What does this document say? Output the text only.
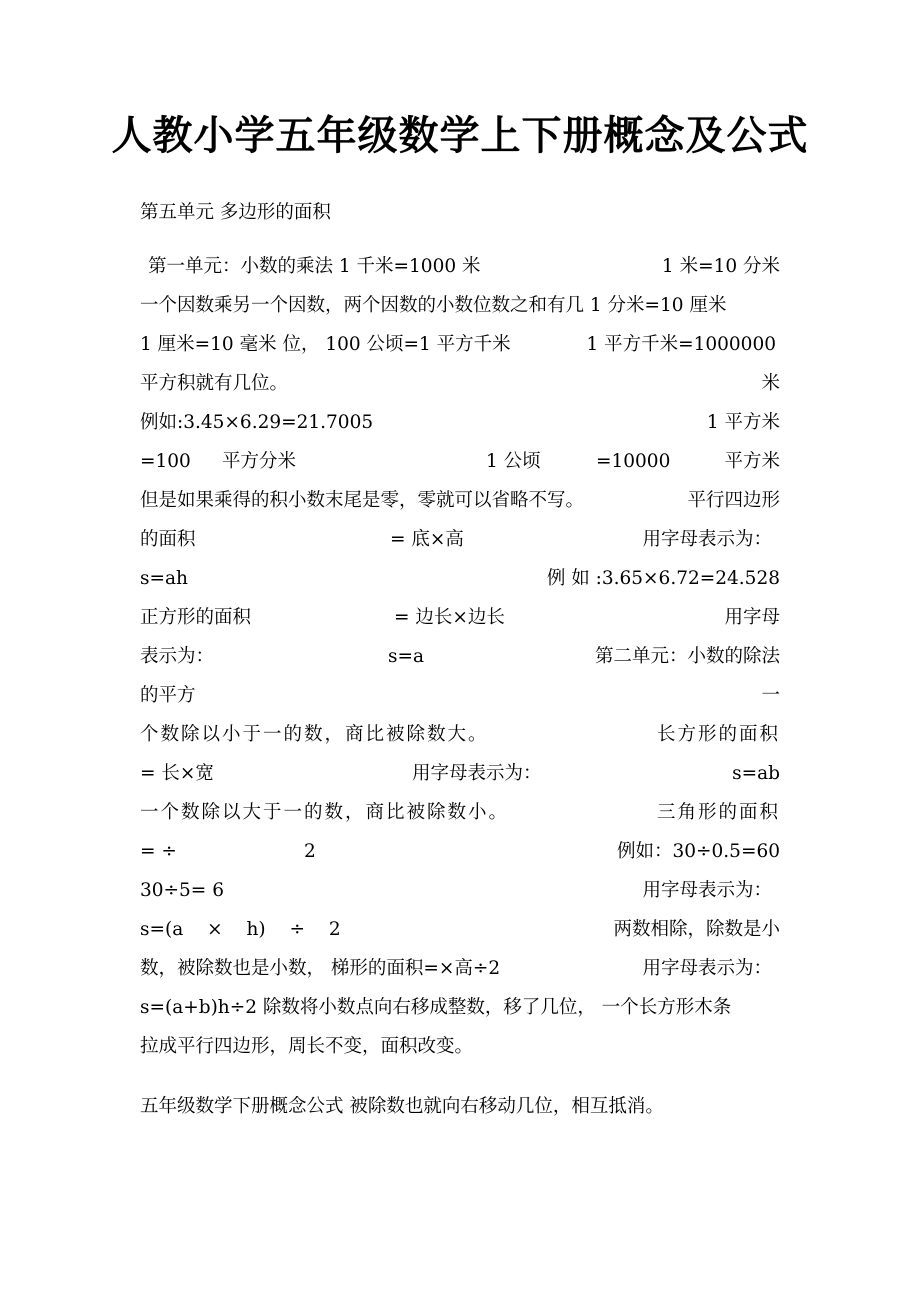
人教小学五年级数学上下册概念及公式
第五单元 多边形的面积
第一单元：小数的乘法 1 千米=1000 米	1 米=10 分米
一个因数乘另一个因数，两个因数的小数位数之和有几 1 分米=10 厘米
1 厘米=10 毫米 位， 100 公顷=1 平方千米	1 平方千米=1000000
平方积就有几位。	米
例如:3.45×6.29=21.7005	1 平方米
=100 平方分米	1 公顷	=10000	平方米
但是如果乘得的积小数末尾是零，零就可以省略不写。	平行四边形
的面积	= 底×高	用字母表示为：
s=ah	例 如 :3.65×6.72=24.528
正方形的面积	= 边长×边长	用字母
表示为：	s=a	第二单元：小数的除法
的平方	一
个数除以小于一的数，商比被除数大。	长方形的面积
= 长×宽	用字母表示为：	s=ab
一个数除以大于一的数，商比被除数小。	三角形的面积
= ÷	2	例如：30÷0.5=60
30÷5= 6	用字母表示为：
s=(a × h) ÷ 2	两数相除，除数是小
数，被除数也是小数， 梯形的面积=×高÷2	用字母表示为：
s=(a+b)h÷2 除数将小数点向右移成整数，移了几位， 一个长方形木条
拉成平行四边形，周长不变，面积改变。
五年级数学下册概念公式 被除数也就向右移动几位，相互抵消。
